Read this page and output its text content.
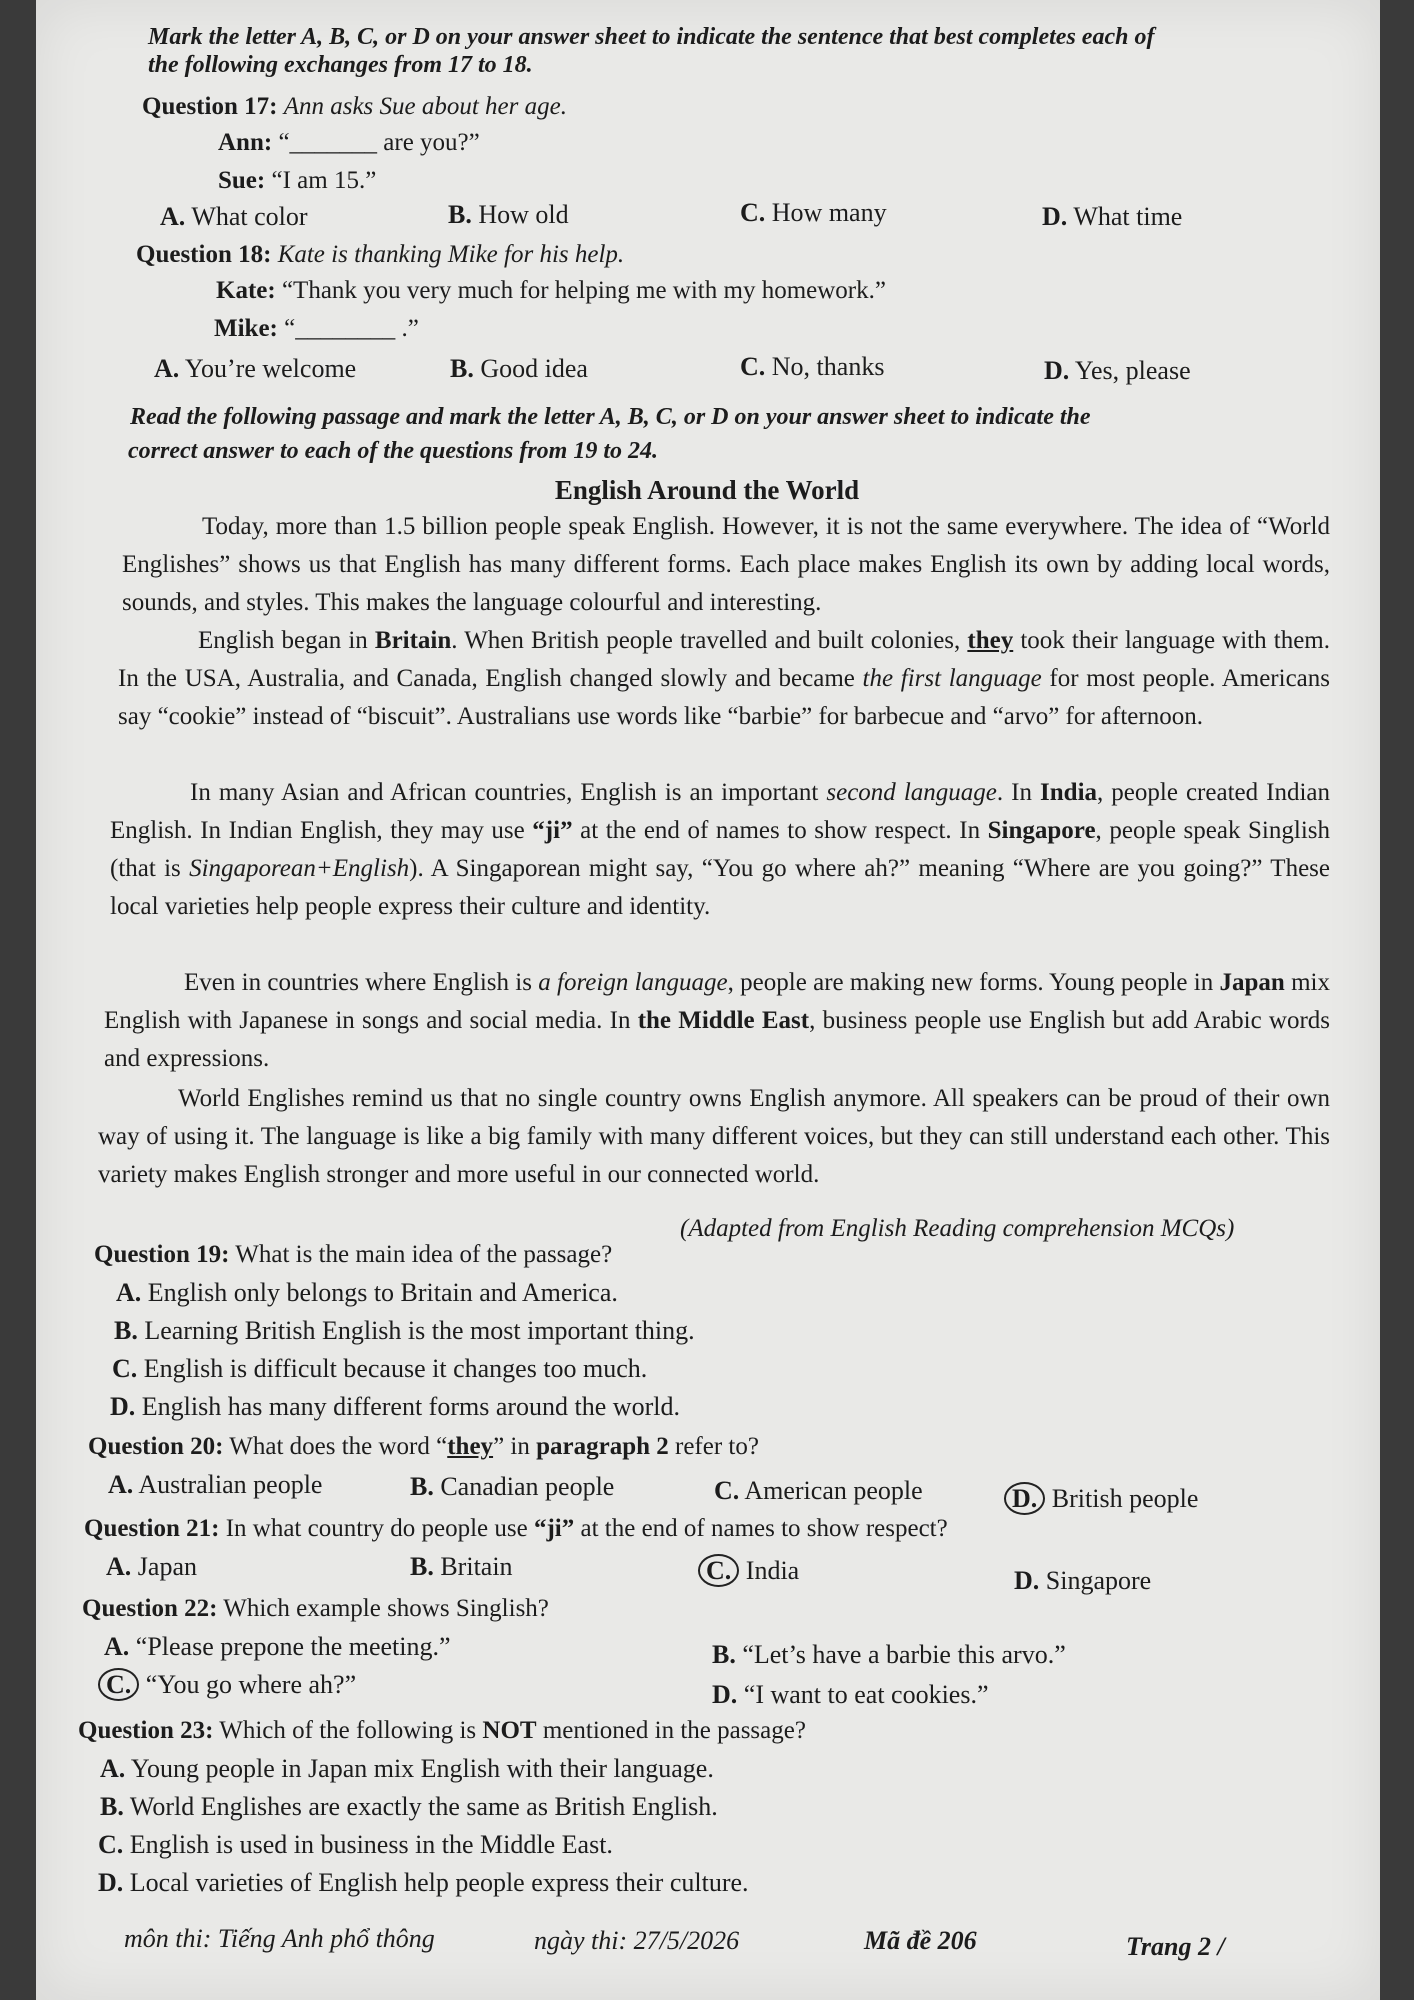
Mark the letter A, B, C, or D on your answer sheet to indicate the sentence that best completes each of
the following exchanges from 17 to 18.
Question 17: Ann asks Sue about her age.
Ann: “_______ are you?”
Sue: “I am 15.”
A. What color	B. How old	C. How many	D. What time
Question 18: Kate is thanking Mike for his help.
Kate: “Thank you very much for helping me with my homework.”
Mike: “________ .”
A. You’re welcome	B. Good idea	C. No, thanks	D. Yes, please
Read the following passage and mark the letter A, B, C, or D on your answer sheet to indicate the
correct answer to each of the questions from 19 to 24.
English Around the World
Today, more than 1.5 billion people speak English. However, it is not the same everywhere. The idea of “World Englishes” shows us that English has many different forms. Each place makes English its own by adding local words, sounds, and styles. This makes the language colourful and interesting.
English began in Britain. When British people travelled and built colonies, they took their language with them. In the USA, Australia, and Canada, English changed slowly and became the first language for most people. Americans say “cookie” instead of “biscuit”. Australians use words like “barbie” for barbecue and “arvo” for afternoon.
In many Asian and African countries, English is an important second language. In India, people created Indian English. In Indian English, they may use “ji” at the end of names to show respect. In Singapore, people speak Singlish (that is Singaporean+English). A Singaporean might say, “You go where ah?” meaning “Where are you going?” These local varieties help people express their culture and identity.
Even in countries where English is a foreign language, people are making new forms. Young people in Japan mix English with Japanese in songs and social media. In the Middle East, business people use English but add Arabic words and expressions.
World Englishes remind us that no single country owns English anymore. All speakers can be proud of their own way of using it. The language is like a big family with many different voices, but they can still understand each other. This variety makes English stronger and more useful in our connected world.
(Adapted from English Reading comprehension MCQs)
Question 19: What is the main idea of the passage?
A. English only belongs to Britain and America.
B. Learning British English is the most important thing.
C. English is difficult because it changes too much.
D. English has many different forms around the world.
Question 20: What does the word “they” in paragraph 2 refer to?
A. Australian people	B. Canadian people	C. American people	D. British people
Question 21: In what country do people use “ji” at the end of names to show respect?
A. Japan	B. Britain	C. India	D. Singapore
Question 22: Which example shows Singlish?
A. “Please prepone the meeting.”	B. “Let’s have a barbie this arvo.”
C. “You go where ah?”	D. “I want to eat cookies.”
Question 23: Which of the following is NOT mentioned in the passage?
A. Young people in Japan mix English with their language.
B. World Englishes are exactly the same as British English.
C. English is used in business in the Middle East.
D. Local varieties of English help people express their culture.
môn thi: Tiếng Anh phổ thông	ngày thi: 27/5/2026	Mã đề 206	Trang 2 /
